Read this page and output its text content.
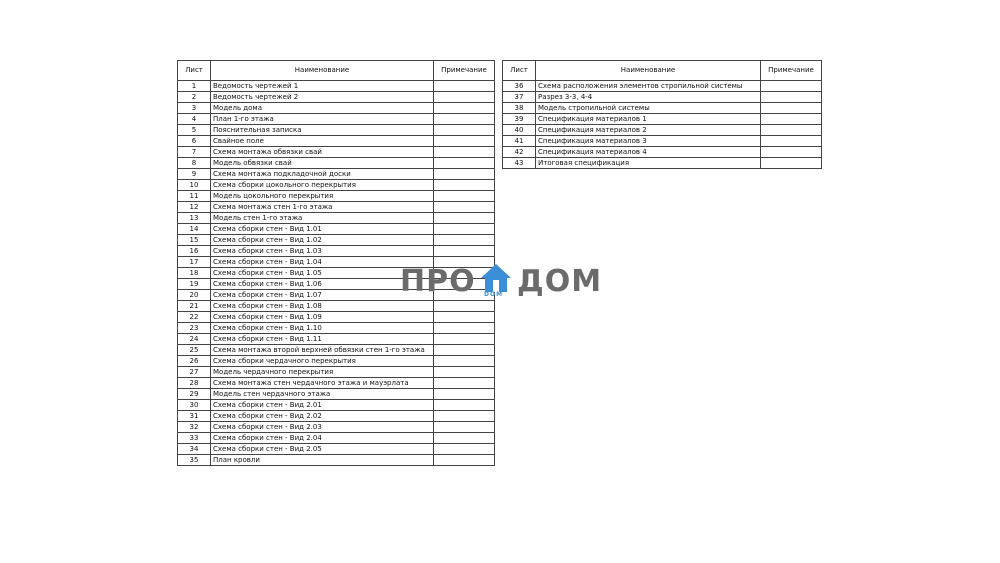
Лист	Наименование	Примечание
1	Ведомость чертежей 1	
2	Ведомость чертежей 2	
3	Модель дома	
4	План 1-го этажа	
5	Пояснительная записка	
6	Свайное поле	
7	Схема монтажа обвязки свай	
8	Модель обвязки свай	
9	Схема монтажа подкладочной доски	
10	Схема сборки цокольного перекрытия	
11	Модель цокольного перекрытия	
12	Схема монтажа стен 1-го этажа	
13	Модель стен 1-го этажа	
14	Схема сборки стен - Вид 1.01	
15	Схема сборки стен - Вид 1.02	
16	Схема сборки стен - Вид 1.03	
17	Схема сборки стен - Вид 1.04	
18	Схема сборки стен - Вид 1.05	
19	Схема сборки стен - Вид 1.06	
20	Схема сборки стен - Вид 1.07	
21	Схема сборки стен - Вид 1.08	
22	Схема сборки стен - Вид 1.09	
23	Схема сборки стен - Вид 1.10	
24	Схема сборки стен - Вид 1.11	
25	Схема монтажа второй верхней обвязки стен 1-го этажа	
26	Схема сборки чердачного перекрытия	
27	Модель чердачного перекрытия	
28	Схема монтажа стен чердачного этажа и мауэрлата	
29	Модель стен чердачного этажа	
30	Схема сборки стен - Вид 2.01	
31	Схема сборки стен - Вид 2.02	
32	Схема сборки стен - Вид 2.03	
33	Схема сборки стен - Вид 2.04	
34	Схема сборки стен - Вид 2.05	
35	План кровли	
Лист	Наименование	Примечание
36	Схема расположения элементов стропильной системы	
37	Разрез 3-3, 4-4	
38	Модель стропильной системы	
39	Спецификация материалов 1	
40	Спецификация материалов 2	
41	Спецификация материалов 3	
42	Спецификация материалов 4	
43	Итоговая спецификация	
ПРО DOM ДОМ
